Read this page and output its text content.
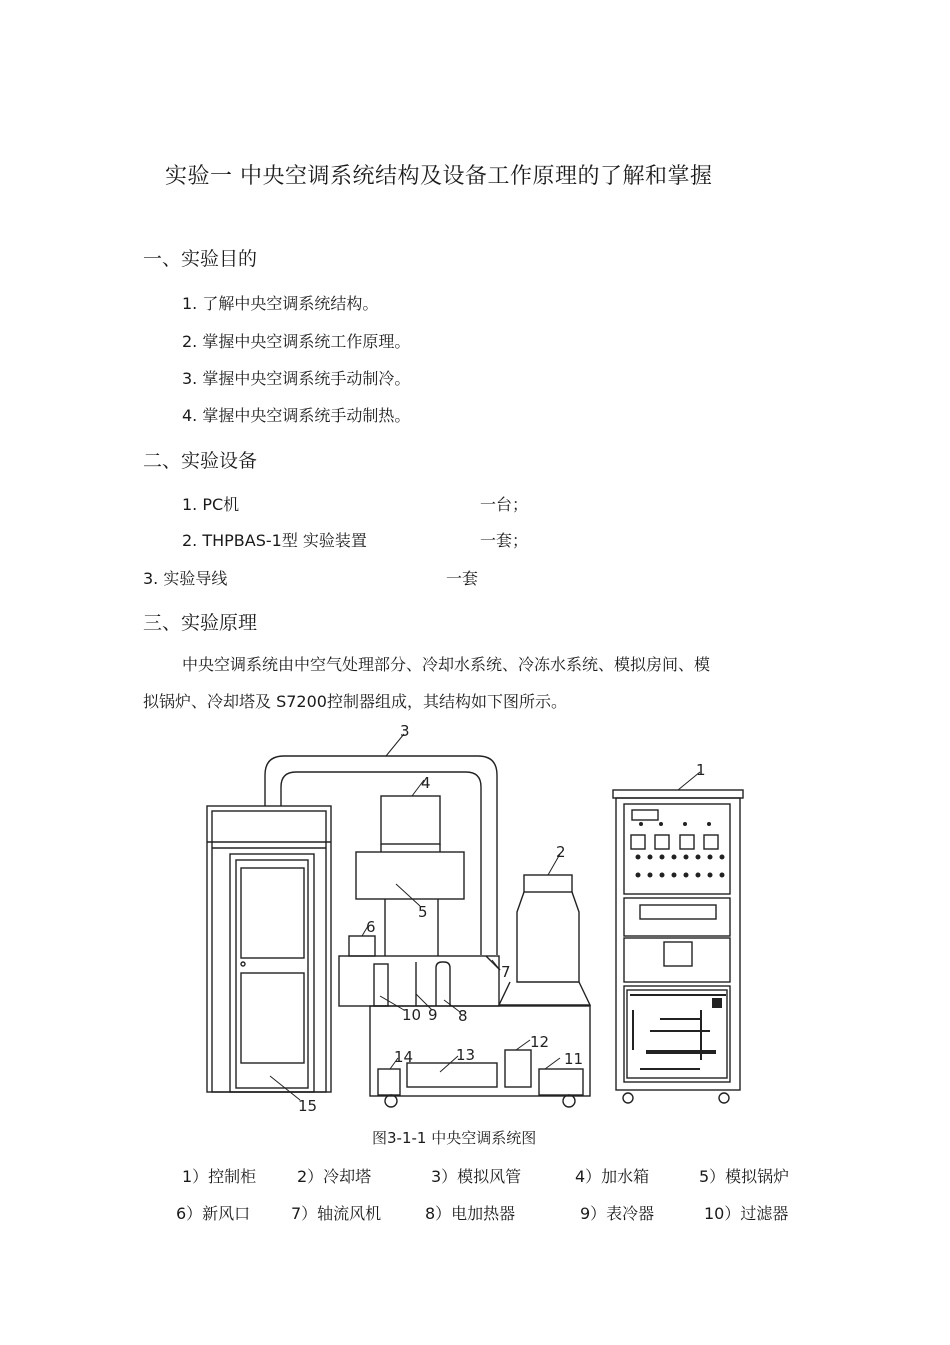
实验一 中央空调系统结构及设备工作原理的了解和掌握
一、实验目的
1. 了解中央空调系统结构。
2. 掌握中央空调系统工作原理。
3. 掌握中央空调系统手动制冷。
4. 掌握中央空调系统手动制热。
二、实验设备
1. PC机	一台；
2. THPBAS-1型 实验装置	一套；
3. 实验导线	一套
三、实验原理
中央空调系统由中空气处理部分、冷却水系统、冷冻水系统、模拟房间、模
拟锅炉、冷却塔及 S7200控制器组成，其结构如下图所示。
1
2
3
4
5
6
7
8
9
10
11
12
13
14
15
图3-1-1 中央空调系统图
1）控制柜	2）冷却塔	3）模拟风管	4）加水箱	5）模拟锅炉
6）新风口	7）轴流风机	8）电加热器	9）表冷器	10）过滤器
